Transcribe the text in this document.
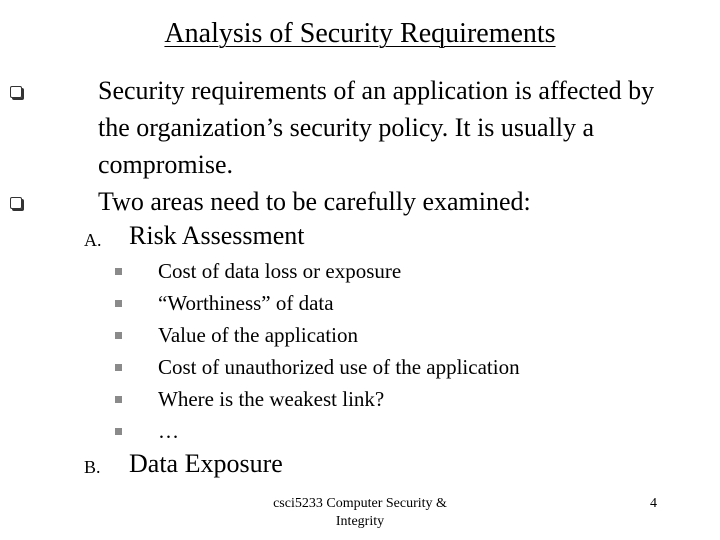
Analysis of Security Requirements
Security requirements of an application is affected by the organization’s security policy. It is usually a compromise.
Two areas need to be carefully examined:
A. Risk Assessment
Cost of data loss or exposure
“Worthiness” of data
Value of the application
Cost of unauthorized use of the application
Where is the weakest link?
…
B. Data Exposure
csci5233 Computer Security & Integrity
4
